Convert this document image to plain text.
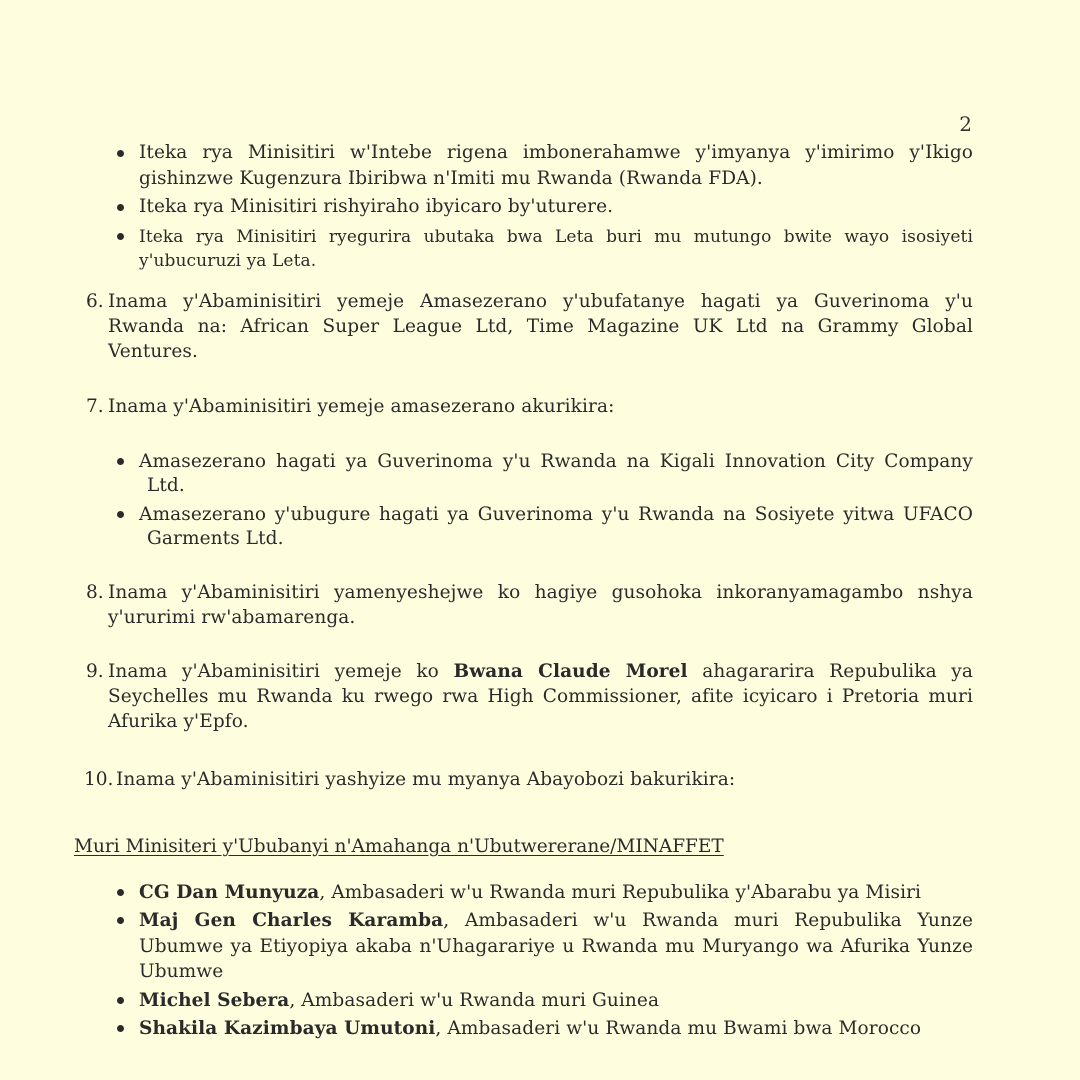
2
Iteka rya Minisitiri w'Intebe rigena imbonerahamwe y'imyanya y'imirimo y'Ikigo
gishinzwe Kugenzura Ibiribwa n'Imiti mu Rwanda (Rwanda FDA).
Iteka rya Minisitiri rishyiraho ibyicaro by'uturere.
Iteka rya Minisitiri ryegurira ubutaka bwa Leta buri mu mutungo bwite wayo isosiyeti
y'ubucuruzi ya Leta.
6. Inama y'Abaminisitiri yemeje Amasezerano y'ubufatanye hagati ya Guverinoma y'u
Rwanda na: African Super League Ltd, Time Magazine UK Ltd na Grammy Global
Ventures.
7. Inama y'Abaminisitiri yemeje amasezerano akurikira:
Amasezerano hagati ya Guverinoma y'u Rwanda na Kigali Innovation City Company
Ltd.
Amasezerano y'ubugure hagati ya Guverinoma y'u Rwanda na Sosiyete yitwa UFACO
Garments Ltd.
8. Inama y'Abaminisitiri yamenyeshejwe ko hagiye gusohoka inkoranyamagambo nshya
y'ururimi rw'abamarenga.
9. Inama y'Abaminisitiri yemeje ko Bwana Claude Morel ahagararira Repubulika ya
Seychelles mu Rwanda ku rwego rwa High Commissioner, afite icyicaro i Pretoria muri
Afurika y'Epfo.
10. Inama y'Abaminisitiri yashyize mu myanya Abayobozi bakurikira:
Muri Minisiteri y'Ububanyi n'Amahanga n'Ubutwererane/MINAFFET
CG Dan Munyuza, Ambasaderi w'u Rwanda muri Repubulika y'Abarabu ya Misiri
Maj Gen Charles Karamba, Ambasaderi w'u Rwanda muri Repubulika Yunze
Ubumwe ya Etiyopiya akaba n'Uhagarariye u Rwanda mu Muryango wa Afurika Yunze
Ubumwe
Michel Sebera, Ambasaderi w'u Rwanda muri Guinea
Shakila Kazimbaya Umutoni, Ambasaderi w'u Rwanda mu Bwami bwa Morocco
